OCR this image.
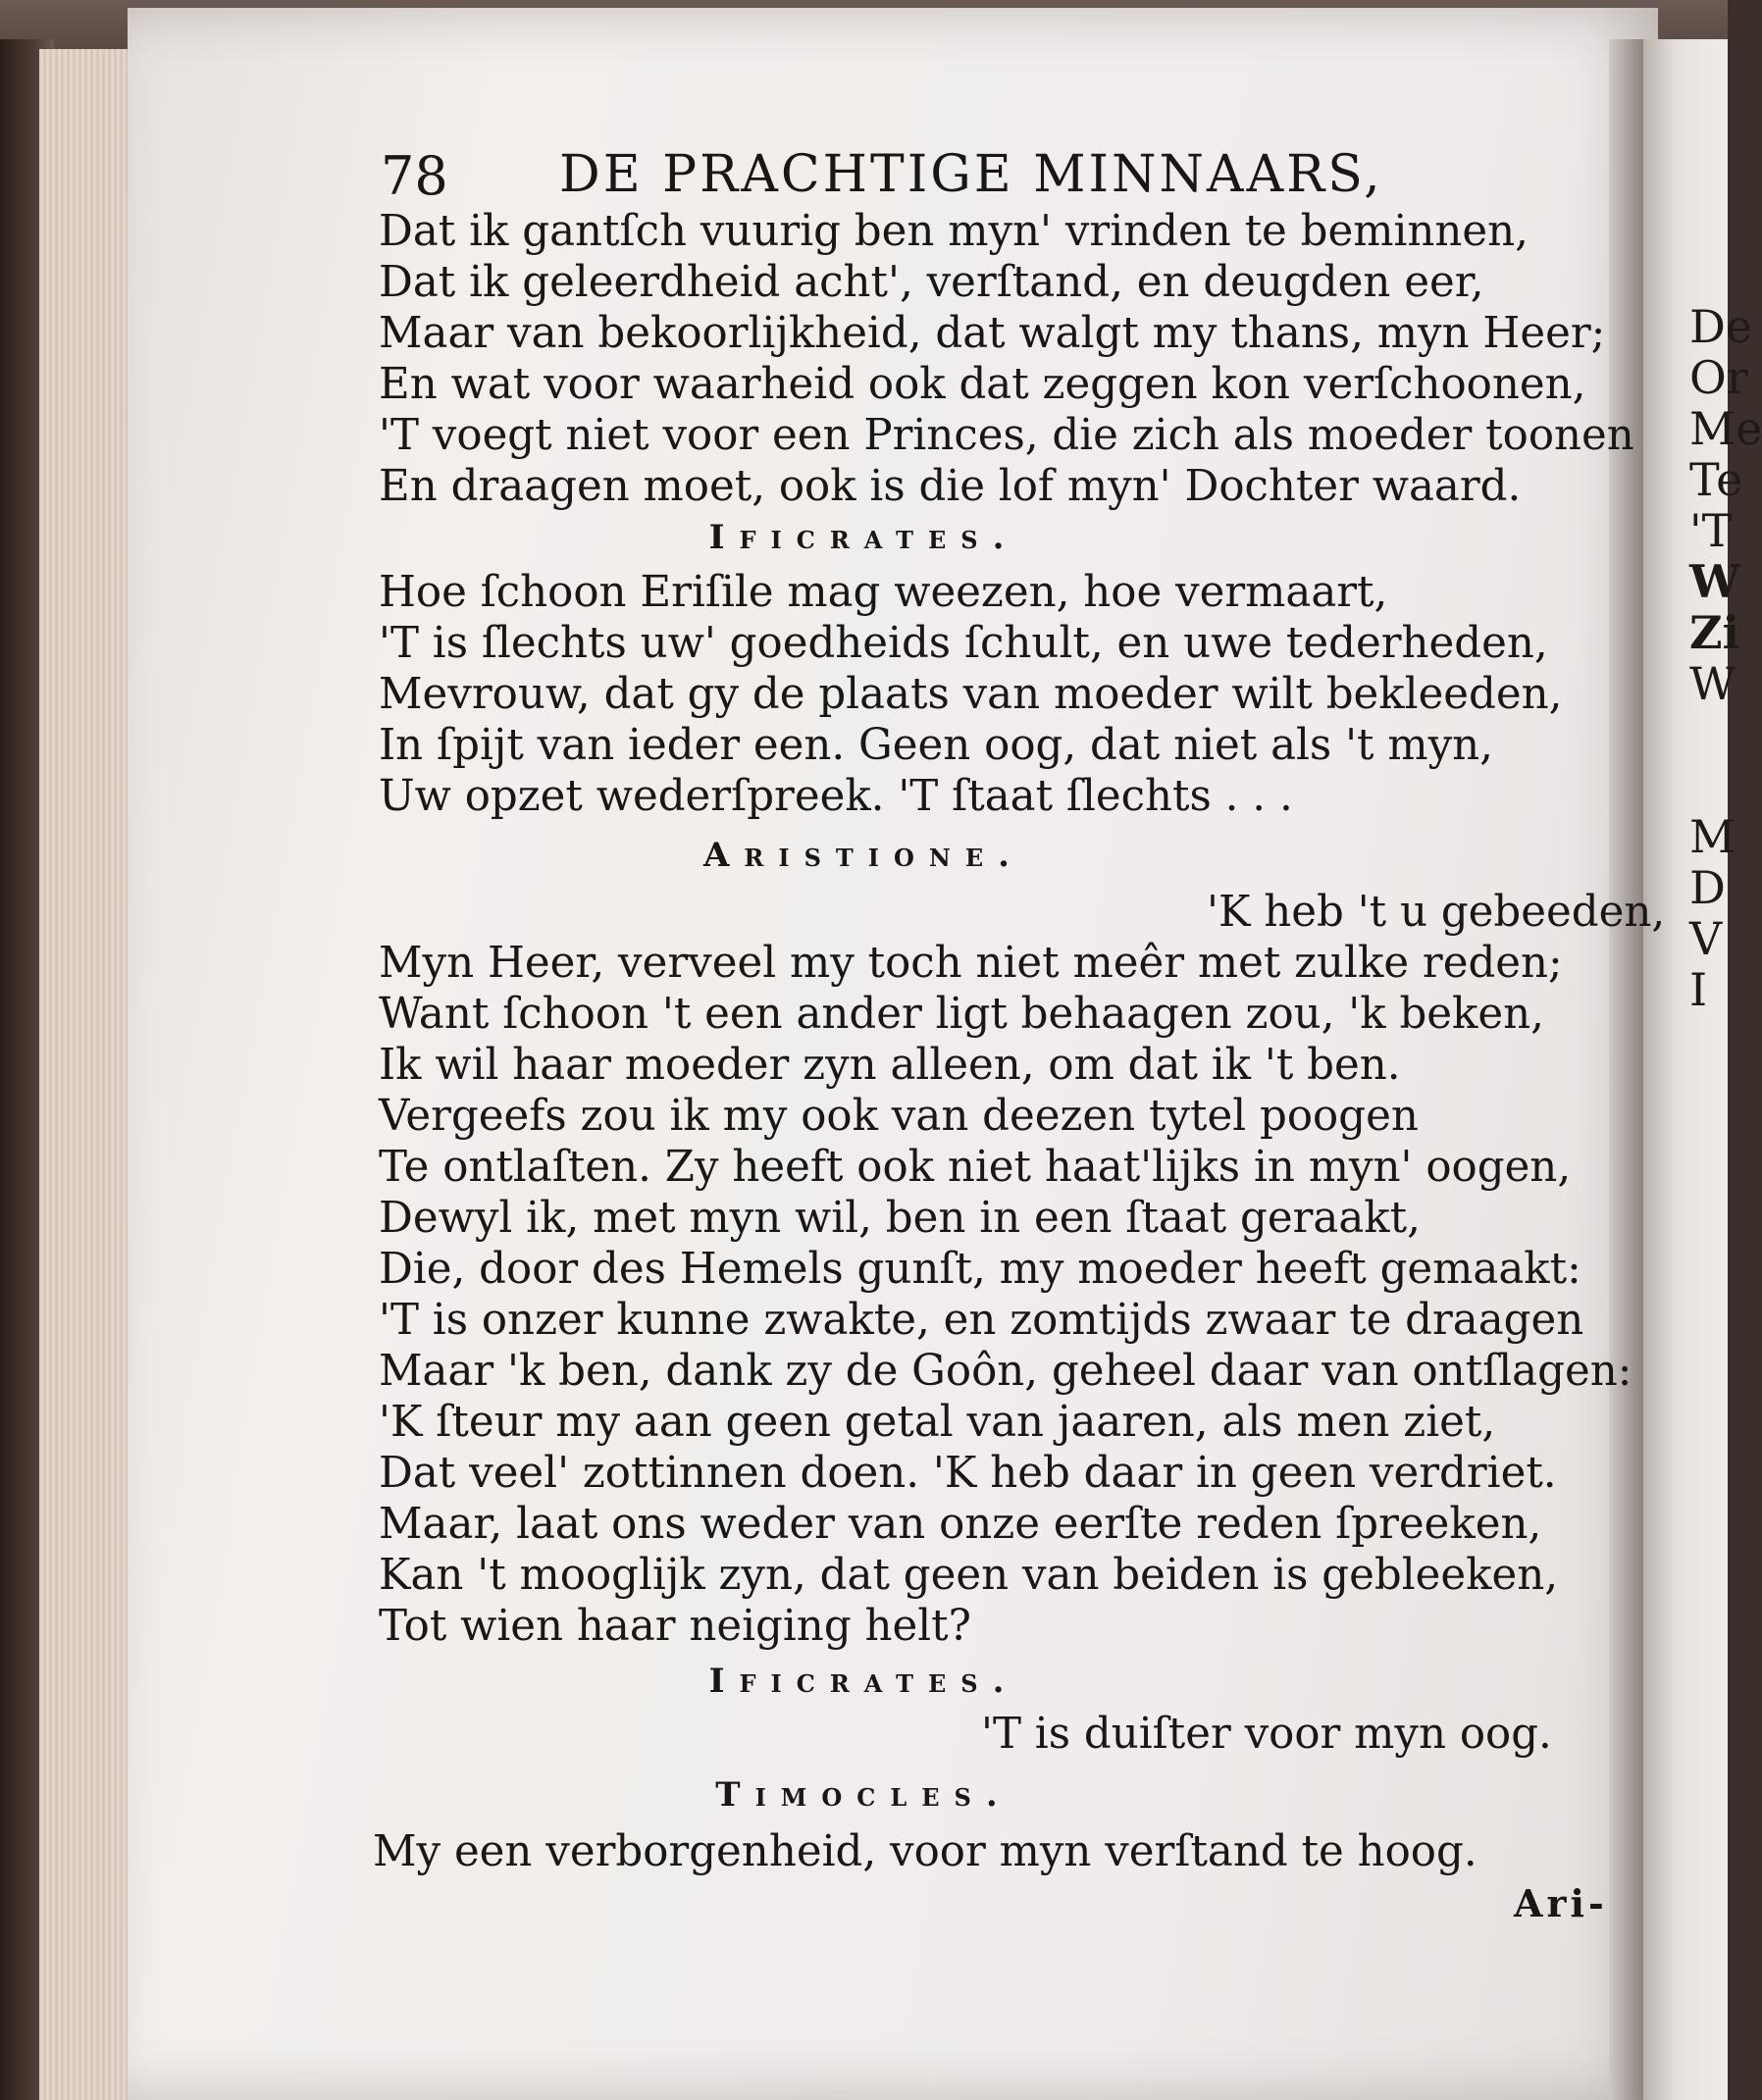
De
Or
Me
Te
'T
W
Zi
W
M
D
V
I
78 DE PRACHTIGE MINNAARS,
Dat ik gantſch vuurig ben myn' vrinden te beminnen,
Dat ik geleerdheid acht', verſtand, en deugden eer,
Maar van bekoorlijkheid, dat walgt my thans, myn Heer;
En wat voor waarheid ook dat zeggen kon verſchoonen,
'T voegt niet voor een Princes, die zich als moeder toonen
En draagen moet, ook is die lof myn' Dochter waard.
Ificrates.
Hoe ſchoon Eriſile mag weezen, hoe vermaart,
'T is ſlechts uw' goedheids ſchult, en uwe tederheden,
Mevrouw, dat gy de plaats van moeder wilt bekleeden,
In ſpijt van ieder een. Geen oog, dat niet als 't myn,
Uw opzet wederſpreek. 'T ſtaat ſlechts . . .
Aristione.
'K heb 't u gebeeden,
Myn Heer, verveel my toch niet meêr met zulke reden;
Want ſchoon 't een ander ligt behaagen zou, 'k beken,
Ik wil haar moeder zyn alleen, om dat ik 't ben.
Vergeefs zou ik my ook van deezen tytel poogen
Te ontlaſten. Zy heeft ook niet haat'lijks in myn' oogen,
Dewyl ik, met myn wil, ben in een ſtaat geraakt,
Die, door des Hemels gunſt, my moeder heeft gemaakt:
'T is onzer kunne zwakte, en zomtijds zwaar te draagen
Maar 'k ben, dank zy de Goôn, geheel daar van ontſlagen:
'K ſteur my aan geen getal van jaaren, als men ziet,
Dat veel' zottinnen doen. 'K heb daar in geen verdriet.
Maar, laat ons weder van onze eerſte reden ſpreeken,
Kan 't mooglijk zyn, dat geen van beiden is gebleeken,
Tot wien haar neiging helt?
Ificrates.
'T is duiſter voor myn oog.
Timocles.
My een verborgenheid, voor myn verſtand te hoog.
Ari-
